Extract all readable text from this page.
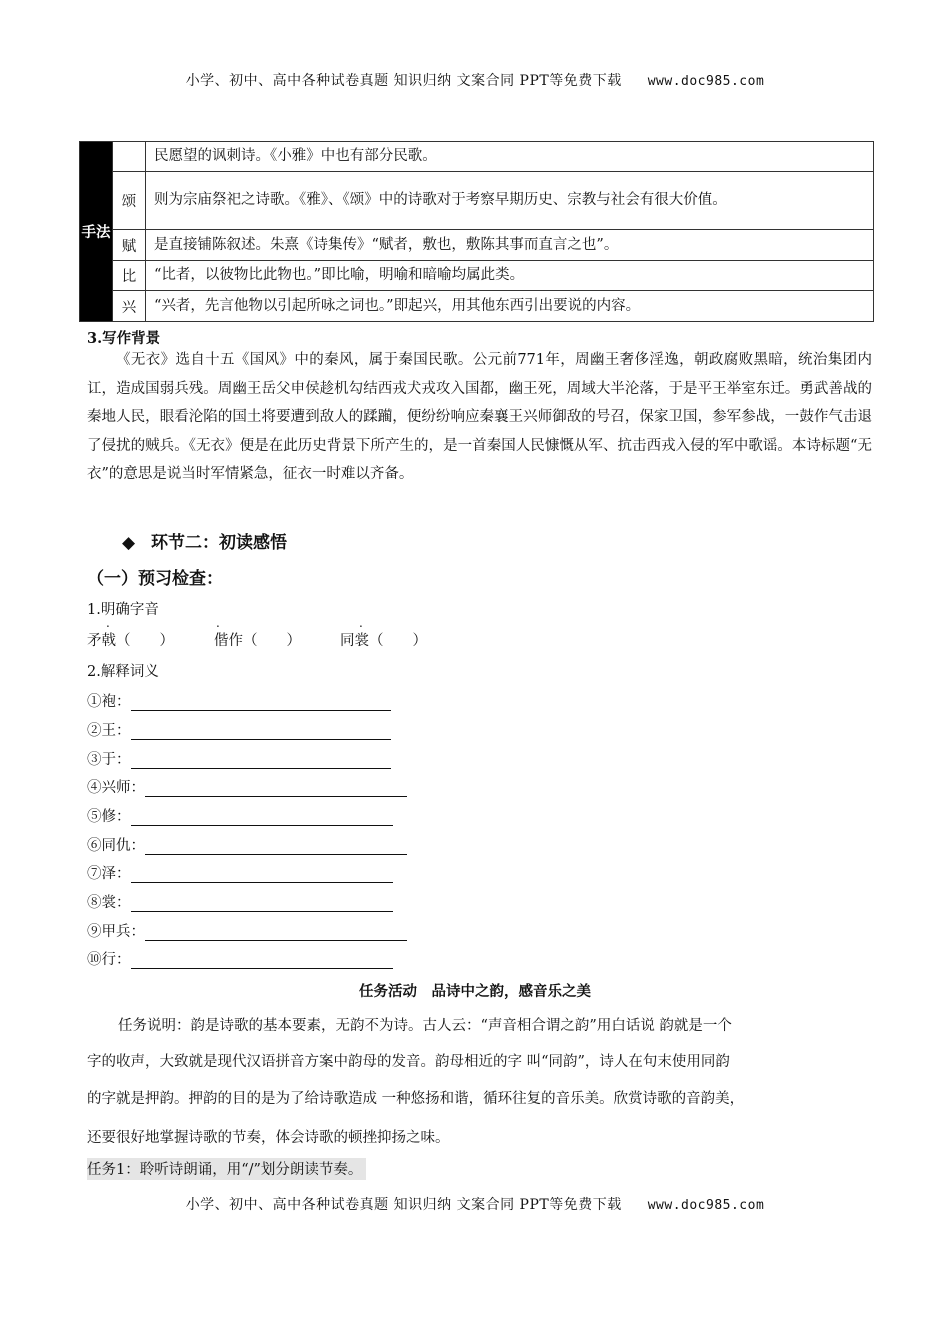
小学、初中、高中各种试卷真题 知识归纳 文案合同 PPT等免费下载 www.doc985.com
手法		民愿望的讽刺诗。《小雅》中也有部分民歌。
	颂	则为宗庙祭祀之诗歌。《雅》、《颂》中的诗歌对于考察早期历史、宗教与社会有很大价值。
	赋	是直接铺陈叙述。朱熹《诗集传》“赋者，敷也，敷陈其事而直言之也”。
	比	“比者，以彼物比此物也。”即比喻，明喻和暗喻均属此类。
	兴	“兴者，先言他物以引起所咏之词也。”即起兴，用其他东西引出要说的内容。
3.写作背景
《无衣》选自十五《国风》中的秦风，属于秦国民歌。公元前771年，周幽王奢侈淫逸，朝政腐败黑暗，统治集团内讧，造成国弱兵残。周幽王岳父申侯趁机勾结西戎犬戎攻入国都，幽王死，周域大半沦落，于是平王举室东迁。勇武善战的秦地人民，眼看沦陷的国土将要遭到敌人的蹂躏，便纷纷响应秦襄王兴师御敌的号召，保家卫国，参军参战，一鼓作气击退了侵扰的贼兵。《无衣》便是在此历史背景下所产生的，是一首秦国人民慷慨从军、抗击西戎入侵的军中歌谣。本诗标题“无衣”的意思是说当时军情紧急，征衣一时难以齐备。
◆ 环节二：初读感悟
（一）预习检查：
1.明确字音
.	.	.
矛戟（　　）	偕作（　　）	同裳（　　）
2.解释词义
①袍：
②王：
③于：
④兴师：
⑤修：
⑥同仇：
⑦泽：
⑧裳：
⑨甲兵：
⑩行：
任务活动　品诗中之韵，感音乐之美
任务说明：韵是诗歌的基本要素，无韵不为诗。古人云：“声音相合谓之韵”用白话说 韵就是一个
字的收声，大致就是现代汉语拼音方案中韵母的发音。韵母相近的字 叫“同韵”，诗人在句末使用同韵
的字就是押韵。押韵的目的是为了给诗歌造成 一种悠扬和谐，循环往复的音乐美。欣赏诗歌的音韵美，
还要很好地掌握诗歌的节奏，体会诗歌的顿挫抑扬之味。
任务1：聆听诗朗诵，用“/”划分朗读节奏。
小学、初中、高中各种试卷真题 知识归纳 文案合同 PPT等免费下载 www.doc985.com
